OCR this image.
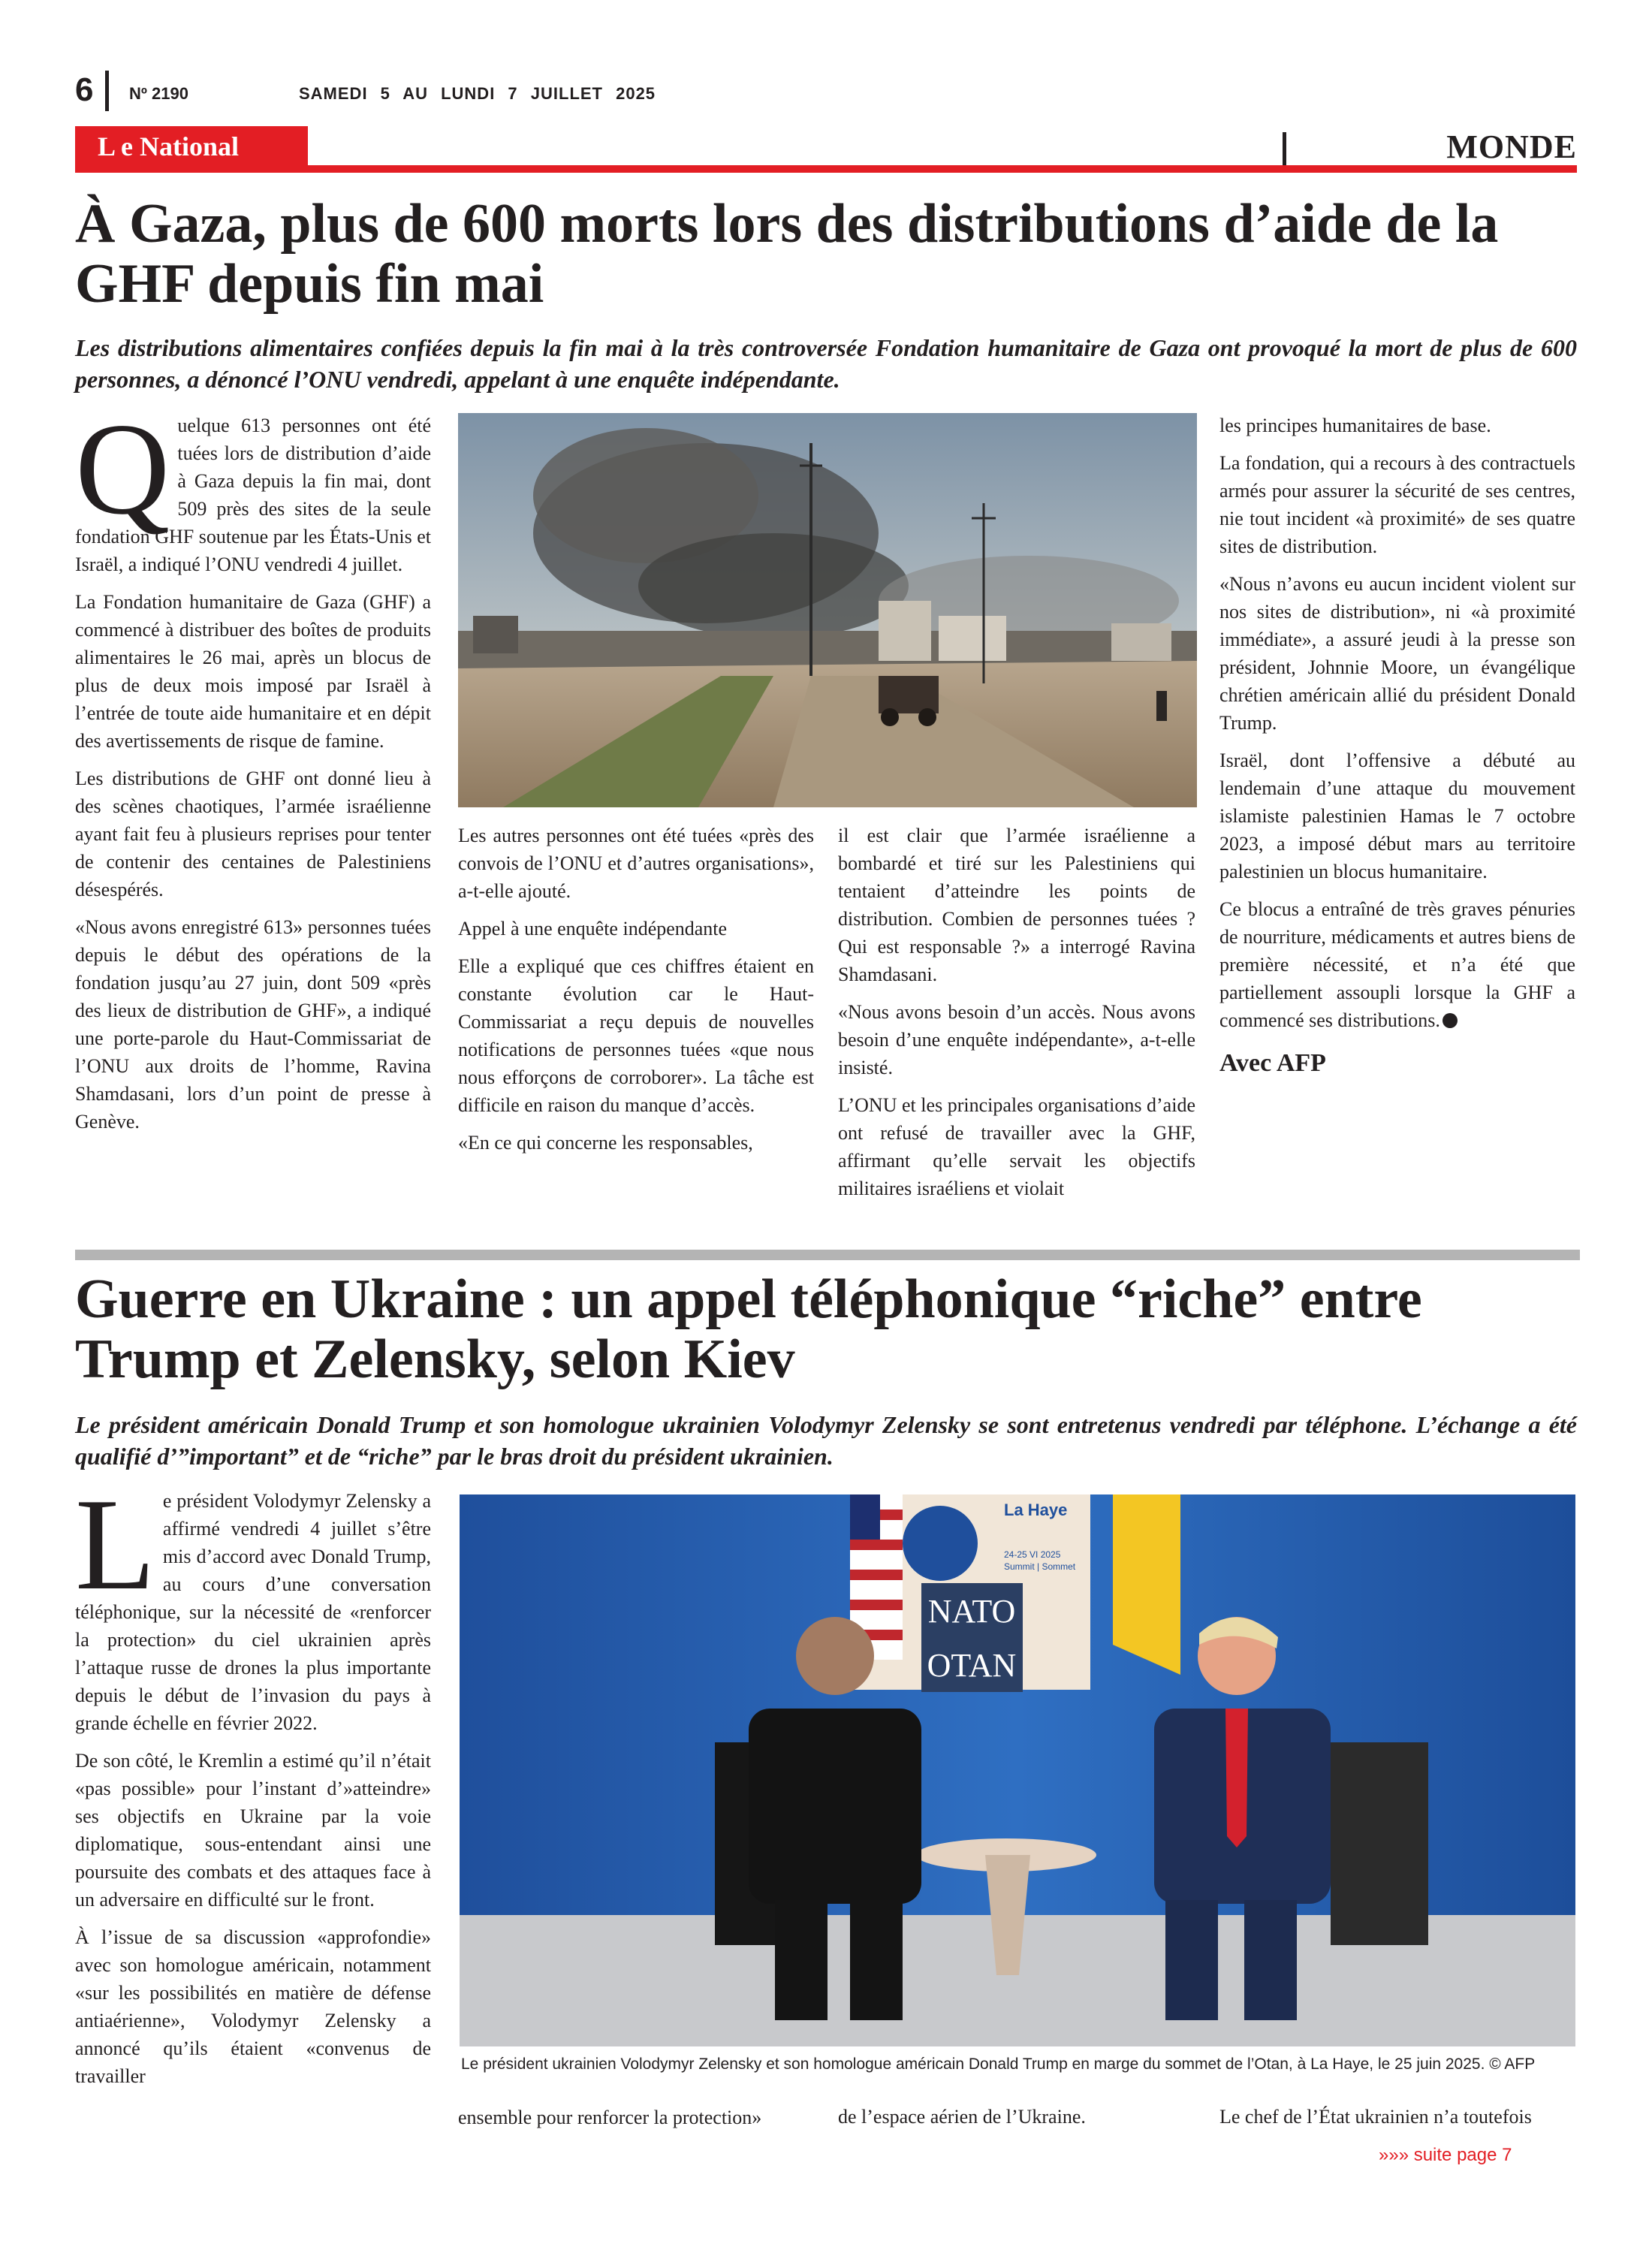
6 Nº 2190	SAMEDI 5 AU LUNDI 7 JUILLET 2025
L e National	MONDE
À Gaza, plus de 600 morts lors des distributions d’aide de la GHF depuis fin mai
Les distributions alimentaires confiées depuis la fin mai à la très controversée Fondation humanitaire de Gaza ont provoqué la mort de plus de 600 personnes, a dénoncé l’ONU vendredi, appelant à une enquête indépendante.

Quelque 613 personnes ont été tuées lors de distribution d’aide à Gaza depuis la fin mai, dont 509 près des sites de la seule fondation GHF soutenue par les États-Unis et Israël, a indiqué l’ONU vendredi 4 juillet.

La Fondation humanitaire de Gaza (GHF) a commencé à distribuer des boîtes de produits alimentaires le 26 mai, après un blocus de plus de deux mois imposé par Israël à l’entrée de toute aide humanitaire et en dépit des avertissements de risque de famine.

Les distributions de GHF ont donné lieu à des scènes chaotiques, l’armée israélienne ayant fait feu à plusieurs reprises pour tenter de contenir des centaines de Palestiniens désespérés.

«Nous avons enregistré 613» personnes tuées depuis le début des opérations de la fondation jusqu’au 27 juin, dont 509 «près des lieux de distribution de GHF», a indiqué une porte-parole du Haut-Commissariat de l’ONU aux droits de l’homme, Ravina Shamdasani, lors d’un point de presse à Genève.

Les autres personnes ont été tuées «près des convois de l’ONU et d’autres organisations», a-t-elle ajouté.

Appel à une enquête indépendante

Elle a expliqué que ces chiffres étaient en constante évolution car le Haut-Commissariat a reçu depuis de nouvelles notifications de personnes tuées «que nous nous efforçons de corroborer». La tâche est difficile en raison du manque d’accès.

«En ce qui concerne les responsables,

il est clair que l’armée israélienne a bombardé et tiré sur les Palestiniens qui tentaient d’atteindre les points de distribution. Combien de personnes tuées ? Qui est responsable ?» a interrogé Ravina Shamdasani.

«Nous avons besoin d’un accès. Nous avons besoin d’une enquête indépendante», a-t-elle insisté.

L’ONU et les principales organisations d’aide ont refusé de travailler avec la GHF, affirmant qu’elle servait les objectifs militaires israéliens et violait

les principes humanitaires de base.

La fondation, qui a recours à des contractuels armés pour assurer la sécurité de ses centres, nie tout incident «à proximité» de ses quatre sites de distribution.

«Nous n’avons eu aucun incident violent sur nos sites de distribution», ni «à proximité immédiate», a assuré jeudi à la presse son président, Johnnie Moore, un évangélique chrétien américain allié du président Donald Trump.

Israël, dont l’offensive a débuté au lendemain d’une attaque du mouvement islamiste palestinien Hamas le 7 octobre 2023, a imposé début mars au territoire palestinien un blocus humanitaire.

Ce blocus a entraîné de très graves pénuries de nourriture, médicaments et autres biens de première nécessité, et n’a été que partiellement assoupli lorsque la GHF a commencé ses distributions.

Avec AFP
Guerre en Ukraine : un appel téléphonique “riche” entre Trump et Zelensky, selon Kiev
Le président américain Donald Trump et son homologue ukrainien Volodymyr Zelensky se sont entretenus vendredi par téléphone. L’échange a été qualifié d’”important” et de “riche” par le bras droit du président ukrainien.

Le président Volodymyr Zelensky a affirmé vendredi 4 juillet s’être mis d’accord avec Donald Trump, au cours d’une conversation téléphonique, sur la nécessité de «renforcer la protection» du ciel ukrainien après l’attaque russe de drones la plus importante depuis le début de l’invasion du pays à grande échelle en février 2022.

De son côté, le Kremlin a estimé qu’il n’était «pas possible» pour l’instant d’»atteindre» ses objectifs en Ukraine par la voie diplomatique, sous-entendant ainsi une poursuite des combats et des attaques face à un adversaire en difficulté sur le front.

À l’issue de sa discussion «approfondie» avec son homologue américain, notamment «sur les possibilités en matière de défense antiaérienne», Volodymyr Zelensky a annoncé qu’ils étaient «convenus de travailler

La Haye
24-25 VI 2025
Summit | Sommet
NATO
OTAN
Le président ukrainien Volodymyr Zelensky et son homologue américain Donald Trump en marge du sommet de l’Otan, à La Haye, le 25 juin 2025. © AFP
ensemble pour renforcer la protection»	de l’espace aérien de l’Ukraine.	Le chef de l’État ukrainien n’a toutefois
»»» suite page 7
